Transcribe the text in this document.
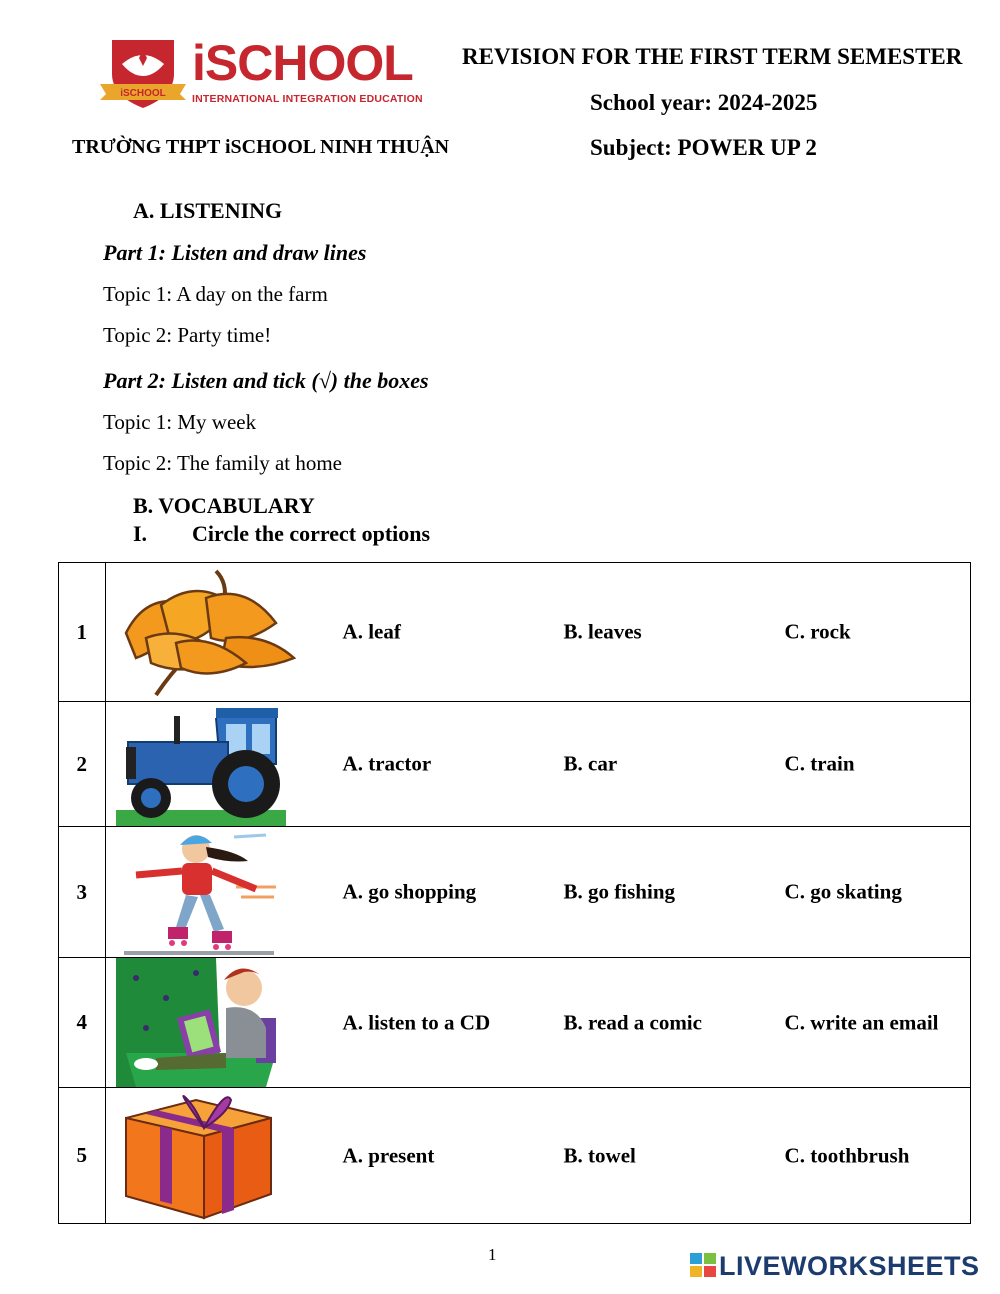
iSCHOOL
iSCHOOL
INTERNATIONAL INTEGRATION EDUCATION
TRƯỜNG THPT iSCHOOL NINH THUẬN
REVISION FOR THE FIRST TERM SEMESTER
School year: 2024-2025
Subject: POWER UP 2
A. LISTENING
Part 1: Listen and draw lines
Topic 1: A day on the farm
Topic 2: Party time!
Part 2: Listen and tick (√) the boxes
Topic 1: My week
Topic 2: The family at home
B. VOCABULARY
I. Circle the correct options
1	A. leaf B. leaves C. rock

2	A. tractor B. car C. train

3	A. go shopping B. go fishing C. go skating

4	A. listen to a CD B. read a comic C. write an email

5	A. present B. towel C. toothbrush
1	LIVEWORKSHEETS
